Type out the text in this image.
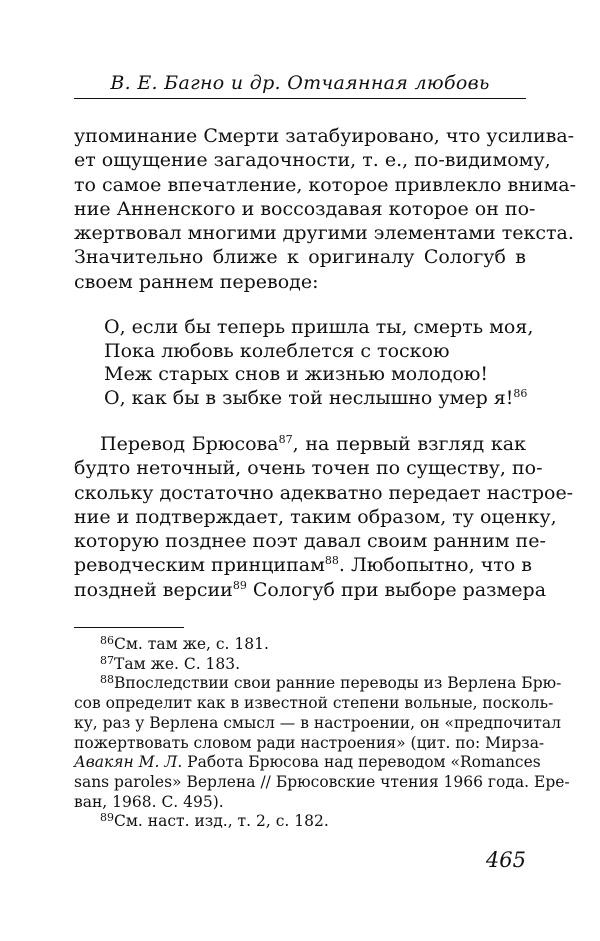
В. Е. Багно и др. Отчаянная любовь
упоминание Смерти затабуировано, что усилива-
ет ощущение загадочности, т. е., по-видимому,
то самое впечатление, которое привлекло внима-
ние Анненского и воссоздавая которое он по-
жертвовал многими другими элементами текста.
Значительно ближе к оригиналу Сологуб в
своем раннем переводе:
О, если бы теперь пришла ты, смерть моя,
Пока любовь колеблется с тоскою
Меж старых снов и жизнью молодою!
О, как бы в зыбке той неслышно умер я!$^{86}$
Перевод Брюсова$^{87}$, на первый взгляд как
будто неточный, очень точен по существу, по-
скольку достаточно адекватно передает настрое-
ние и подтверждает, таким образом, ту оценку,
которую позднее поэт давал своим ранним пе-
реводческим принципам$^{88}$. Любопытно, что в
поздней версии$^{89}$ Сологуб при выборе размера
$^{86}$См. там же, с. 181.
$^{87}$Там же. С. 183.
$^{88}$Впоследствии свои ранние переводы из Верлена Брю-
сов определит как в известной степени вольные, посколь-
ку, раз у Верлена смысл — в настроении, он «предпочитал
пожертвовать словом ради настроения» (цит. по: Мирза-
Авакян М. Л. Работа Брюсова над переводом «Romances
sans paroles» Верлена // Брюсовские чтения 1966 года. Ере-
ван, 1968. С. 495).
$^{89}$См. наст. изд., т. 2, с. 182.
465
